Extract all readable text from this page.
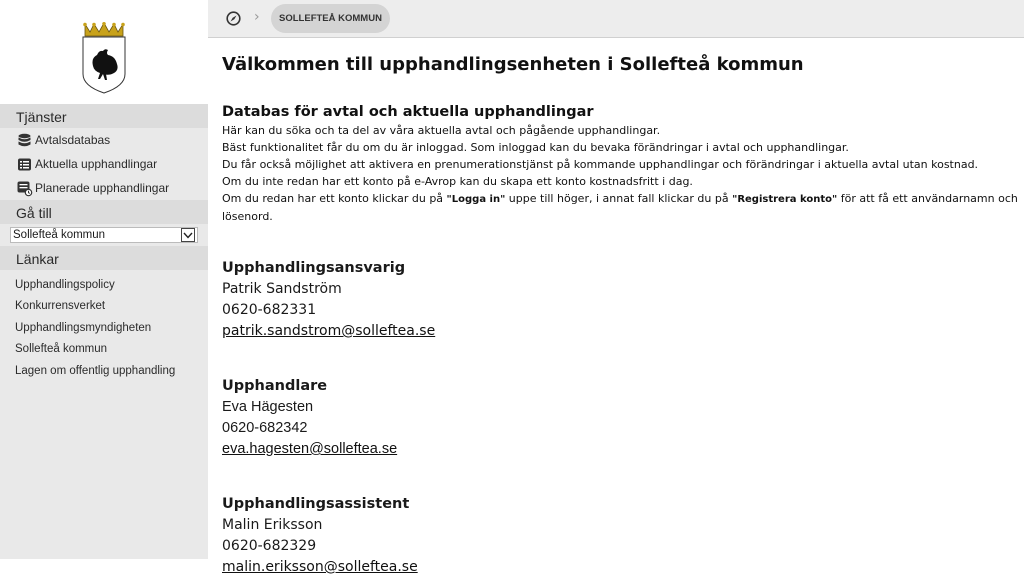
Tjänster
Avtalsdatabas
Aktuella upphandlingar
Planerade upphandlingar
Gå till
Sollefteå kommun
Länkar
Upphandlingspolicy
Konkurrensverket
Upphandlingsmyndigheten
Sollefteå kommun
Lagen om offentlig upphandling
›	SOLLEFTEÅ KOMMUN
Välkommen till upphandlingsenheten i Sollefteå kommun
Databas för avtal och aktuella upphandlingar

Här kan du söka och ta del av våra aktuella avtal och pågående upphandlingar.

Bäst funktionalitet får du om du är inloggad. Som inloggad kan du bevaka förändringar i avtal och upphandlingar.

Du får också möjlighet att aktivera en prenumerationstjänst på kommande upphandlingar och förändringar i aktuella avtal utan kostnad.

Om du inte redan har ett konto på e-Avrop kan du skapa ett konto kostnadsfritt i dag.

Om du redan har ett konto klickar du på "Logga in" uppe till höger, i annat fall klickar du på "Registrera konto" för att få ett användarnamn och lösenord.

Upphandlingsansvarig
Patrik Sandström
0620-682331
patrik.sandstrom@solleftea.se
Upphandlare
Eva Hägesten
0620-682342
eva.hagesten@solleftea.se
Upphandlingsassistent
Malin Eriksson
0620-682329
malin.eriksson@solleftea.se
